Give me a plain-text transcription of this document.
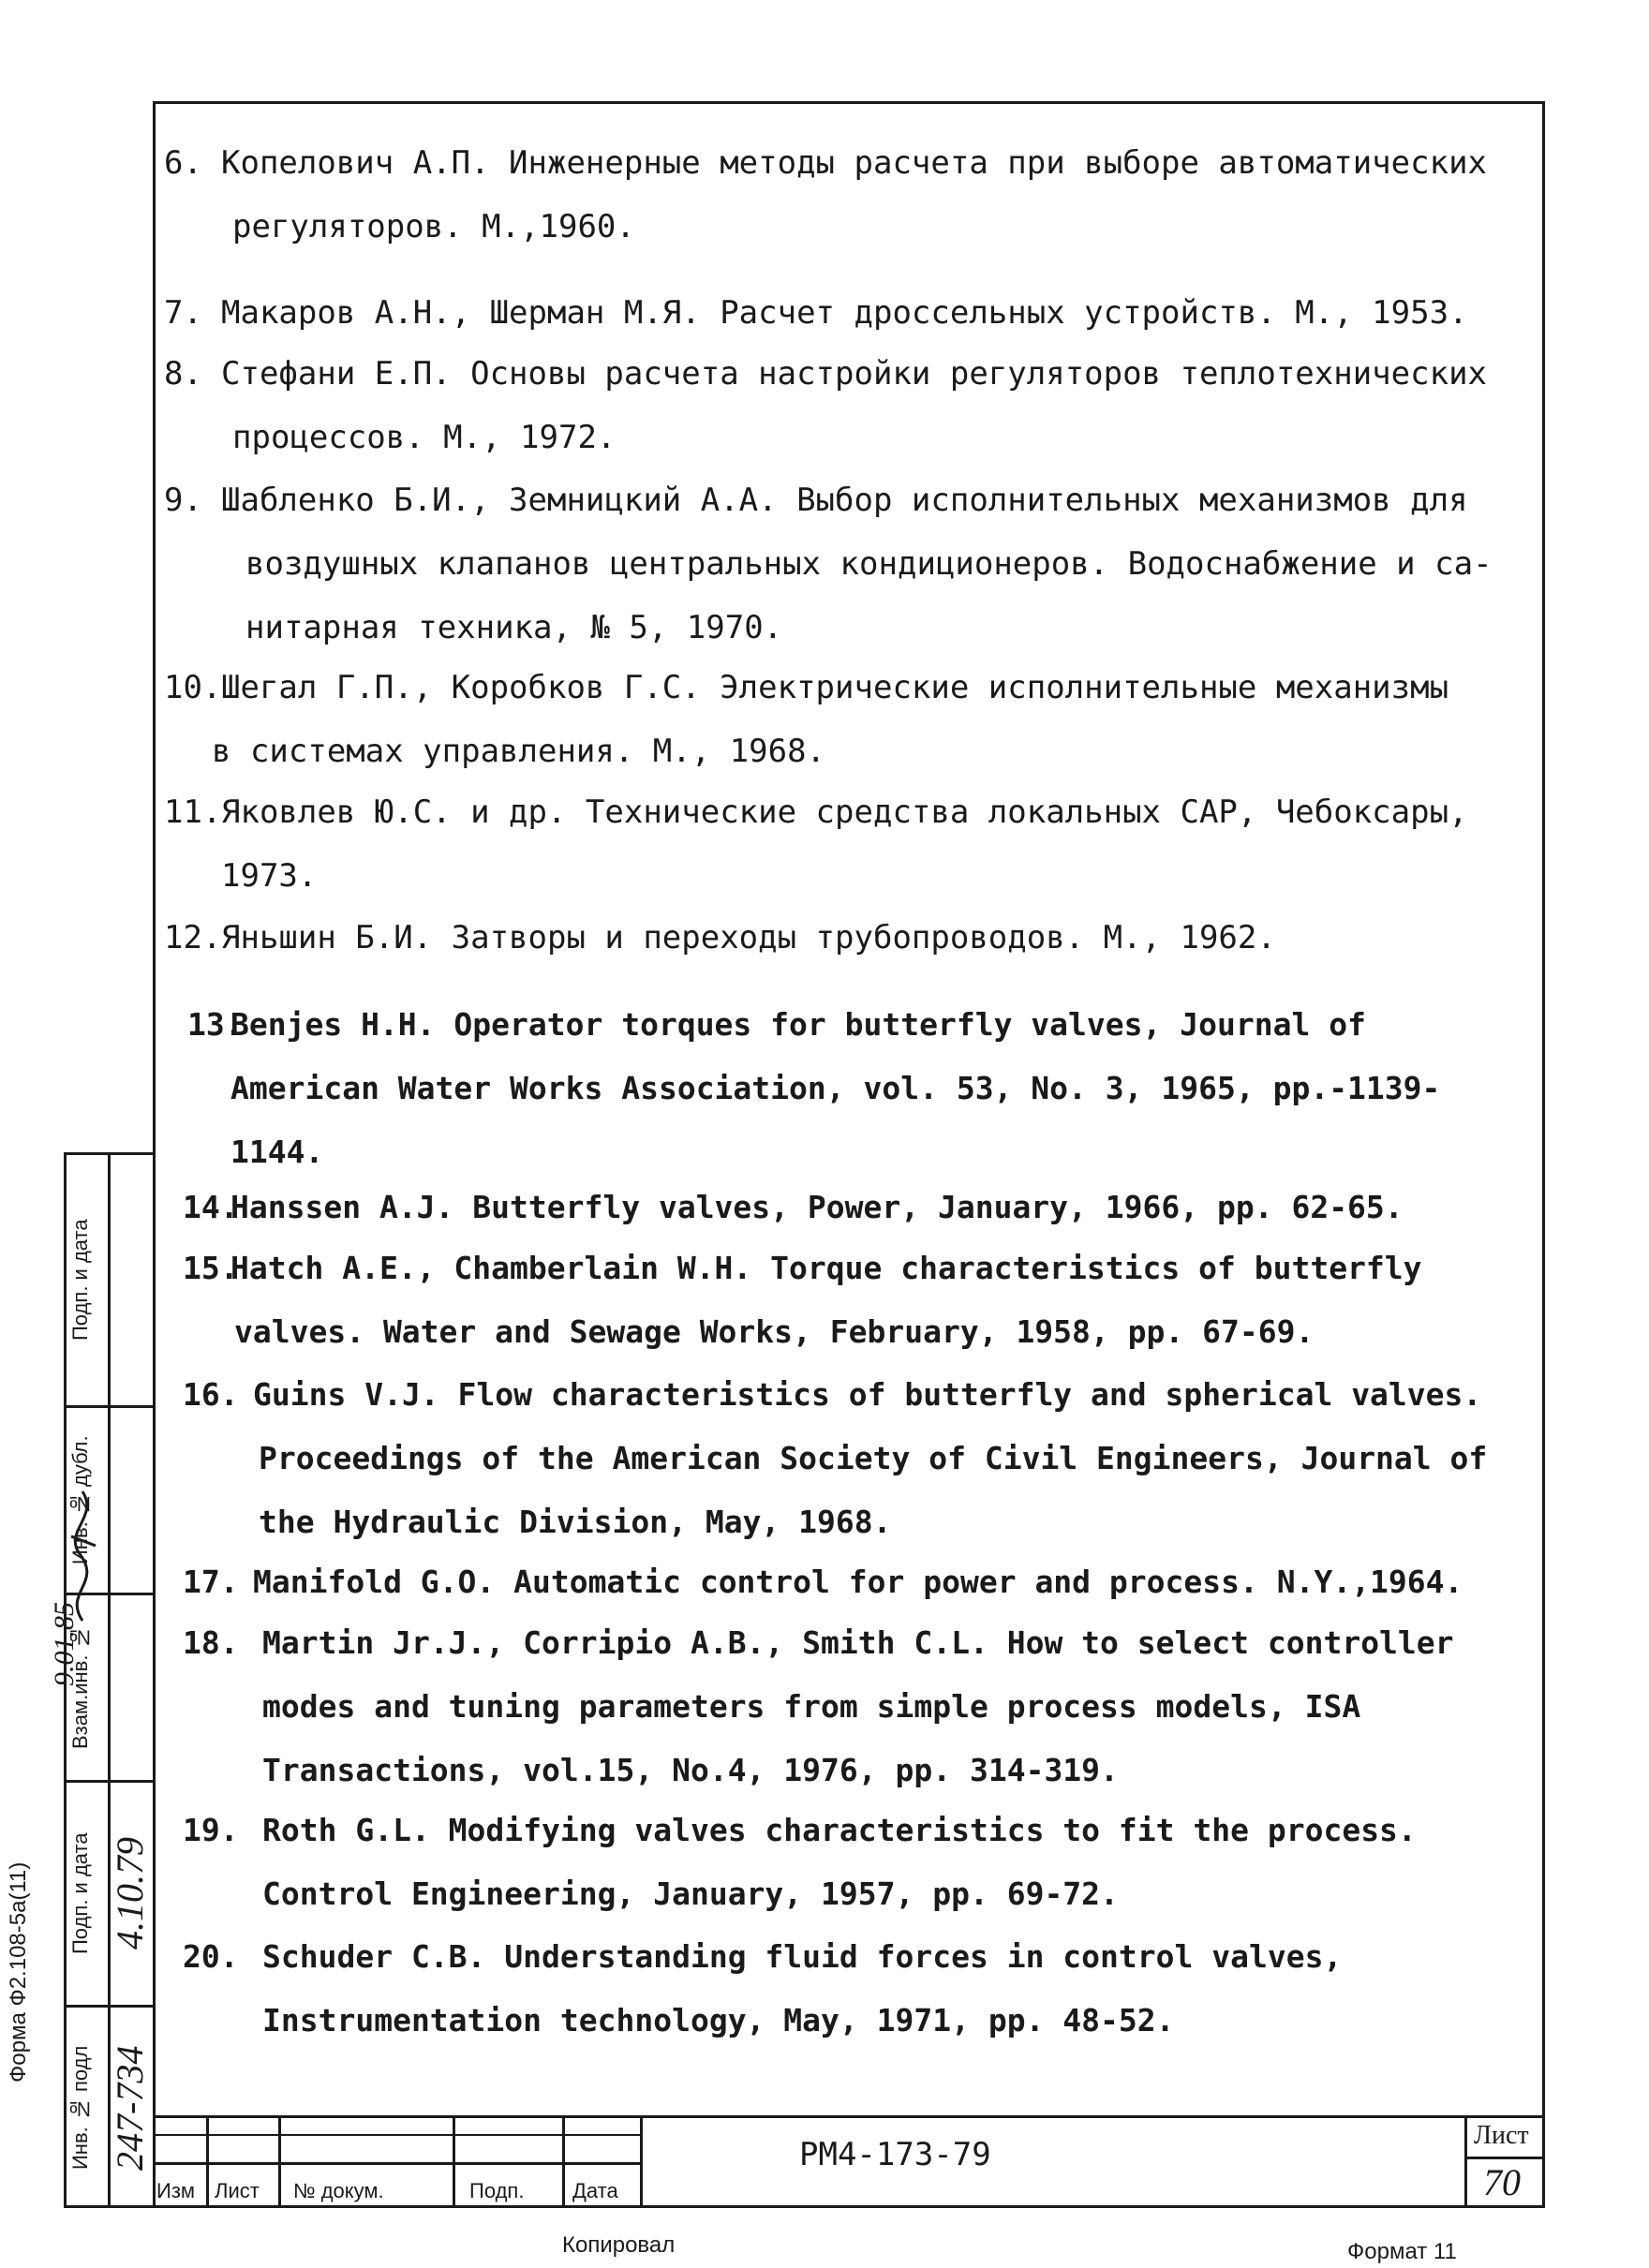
6. Копелович А.П. Инженерные методы расчета при выборе автоматических
регуляторов. М.,1960.
7. Макаров А.Н., Шерман М.Я. Расчет дроссельных устройств. М., 1953.
8. Стефани Е.П. Основы расчета настройки регуляторов теплотехнических
процессов. М., 1972.
9. Шабленко Б.И., Земницкий А.А. Выбор исполнительных механизмов для
воздушных клапанов центральных кондиционеров. Водоснабжение и са-
нитарная техника, № 5, 1970.
10. Шегал Г.П., Коробков Г.С. Электрические исполнительные механизмы
в системах управления. М., 1968.
11. Яковлев Ю.С. и др. Технические средства локальных САР, Чебоксары,
1973.
12. Яньшин Б.И. Затворы и переходы трубопроводов. М., 1962.
13.
Benjes H.H. Operator torques for butterfly valves, Journal of
American Water Works Association, vol. 53, No. 3, 1965, pp.-1139-
1144.
14.
Hanssen A.J. Butterfly valves, Power, January, 1966, pp. 62-65.
15.
Hatch A.E., Chamberlain W.H. Torque characteristics of butterfly
valves. Water and Sewage Works, February, 1958, pp. 67-69.
16. Guins V.J. Flow characteristics of butterfly and spherical valves.
Proceedings of the American Society of Civil Engineers, Journal of
the Hydraulic Division, May, 1968.
17. Manifold G.O. Automatic control for power and process. N.Y.,1964.
18. Martin Jr.J., Corripio A.B., Smith C.L. How to select controller
modes and tuning parameters from simple process models, ISA
Transactions, vol.15, No.4, 1976, pp. 314-319.
19. Roth G.L. Modifying valves characteristics to fit the process.
Control Engineering, January, 1957, pp. 69-72.
20. Schuder C.B. Understanding fluid forces in control valves,
Instrumentation technology, May, 1971, pp. 48-52.
Подп. и дата
Инв. № дубл.
Взам.инв. №
Подп. и дата 4.10.79
Инв. № подл 247-734
Форма Ф2.108-5а(11)
9.01.85
Изм Лист № докум.	Подп. Дата
РМ4-173-79
Лист
70
Копировал	Формат 11
